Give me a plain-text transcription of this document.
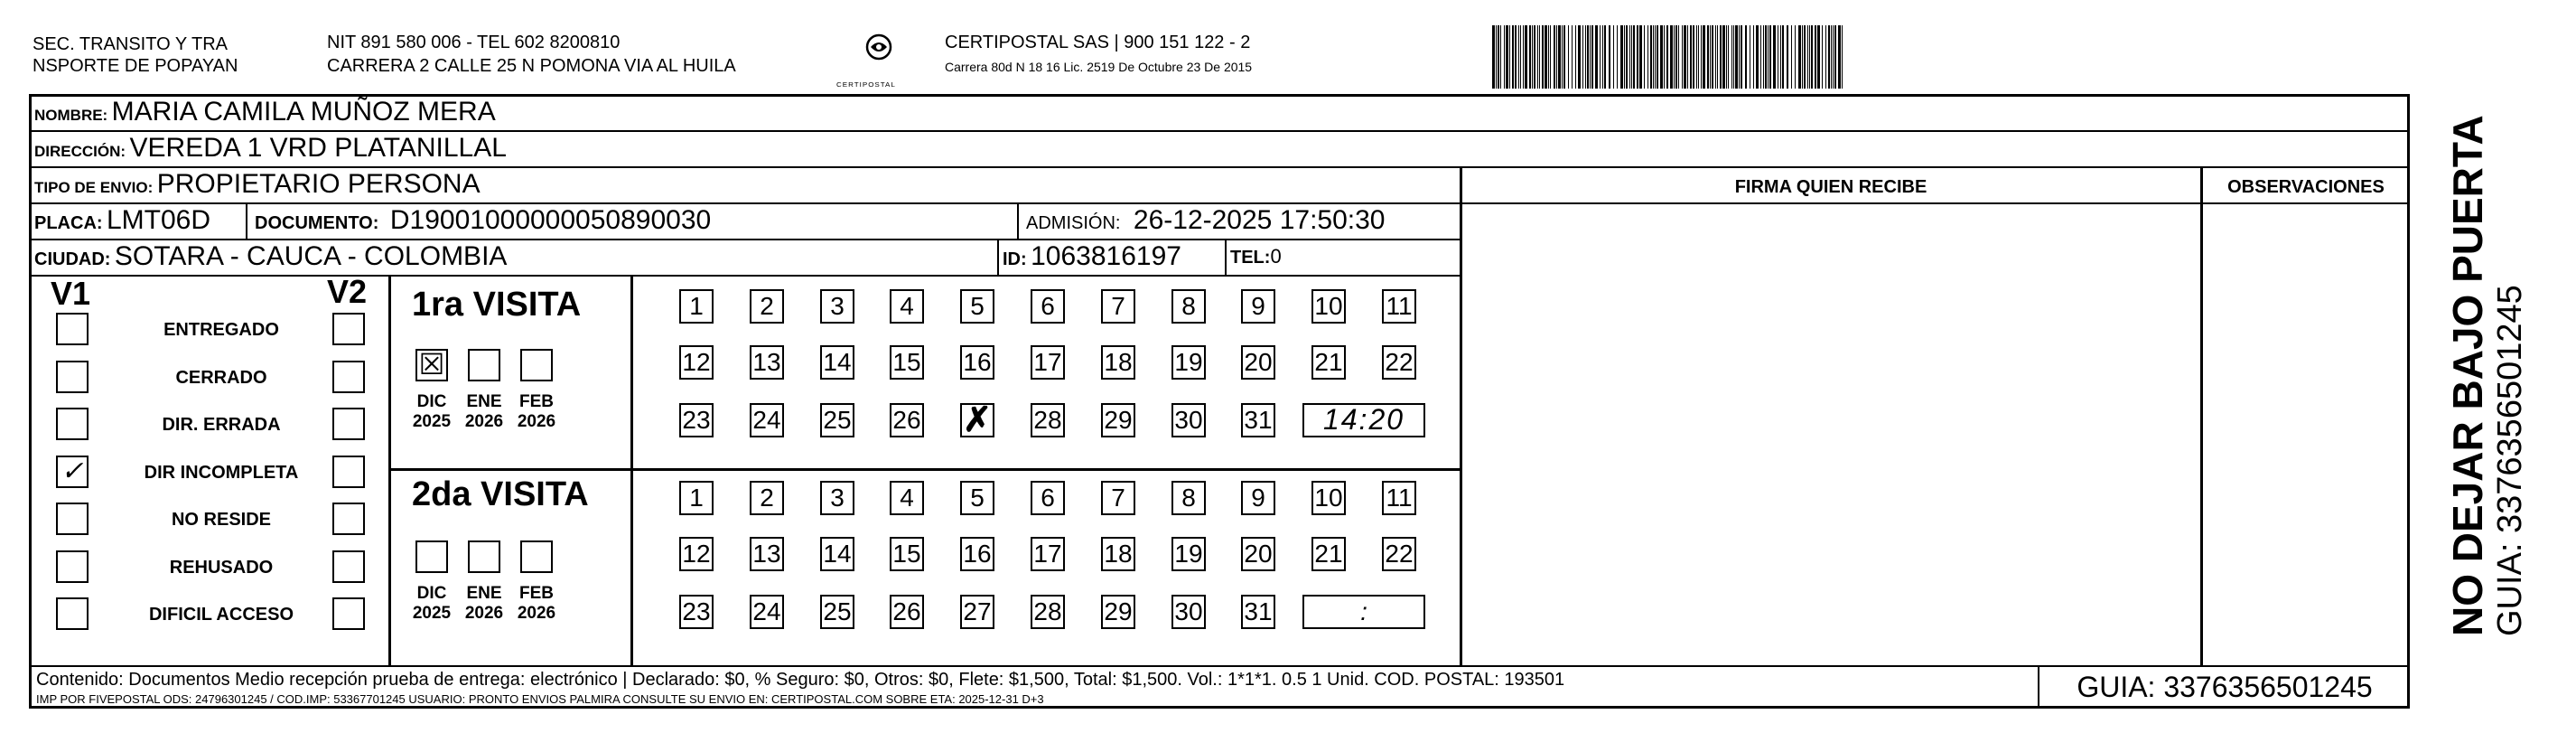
SEC. TRANSITO Y TRA
NSPORTE DE POPAYAN
NIT 891 580 006 - TEL 602 8200810
CARRERA 2 CALLE 25 N POMONA VIA AL HUILA
CERTIPOSTAL
CERTIPOSTAL SAS | 900 151 122 - 2
Carrera 80d N 18 16 Lic. 2519 De Octubre 23 De 2015
FIRMA QUIEN RECIBE	OBSERVACIONES
NOMBRE: MARIA CAMILA MUÑOZ MERA
DIRECCIÓN: VEREDA 1 VRD PLATANILLAL
TIPO DE ENVIO: PROPIETARIO PERSONA
PLACA: LMT06D DOCUMENTO: D19001000000050890030	ADMISIÓN: 26-12-2025 17:50:30
CIUDAD: SOTARA - CAUCA - COLOMBIA	ID: 1063816197	TEL:0
V1	V2
ENTREGADO
CERRADO
DIR. ERRADA
✓	DIR INCOMPLETA
NO RESIDE
REHUSADO
DIFICIL ACCESO
1ra VISITA
2da VISITA
☒
DIC
2025
ENE
2026
FEB
2026
1	2	3	4	5	6	7	8	9	10 11
12 13 14 15 16 17 18 19 20 21 22
23 24 25 26 ✗ 28 29 30 31	14:20
DIC
2025
ENE
2026
FEB
2026
1	2	3	4	5	6	7	8	9	10 11
12 13 14 15 16 17 18 19 20 21 22
23 24 25 26 27 28 29 30 31	:
Contenido: Documentos Medio recepción prueba de entrega: electrónico | Declarado: $0, % Seguro: $0, Otros: $0, Flete: $1,500, Total: $1,500. Vol.: 1*1*1. 0.5 1 Unid. COD. POSTAL: 193501
IMP POR FIVEPOSTAL ODS: 24796301245 / COD.IMP: 53367701245 USUARIO: PRONTO ENVIOS PALMIRA CONSULTE SU ENVIO EN: CERTIPOSTAL.COM SOBRE ETA: 2025-12-31 D+3	GUIA: 3376356501245
NO DEJAR BAJO PUERTA GUIA: 3376356501245
